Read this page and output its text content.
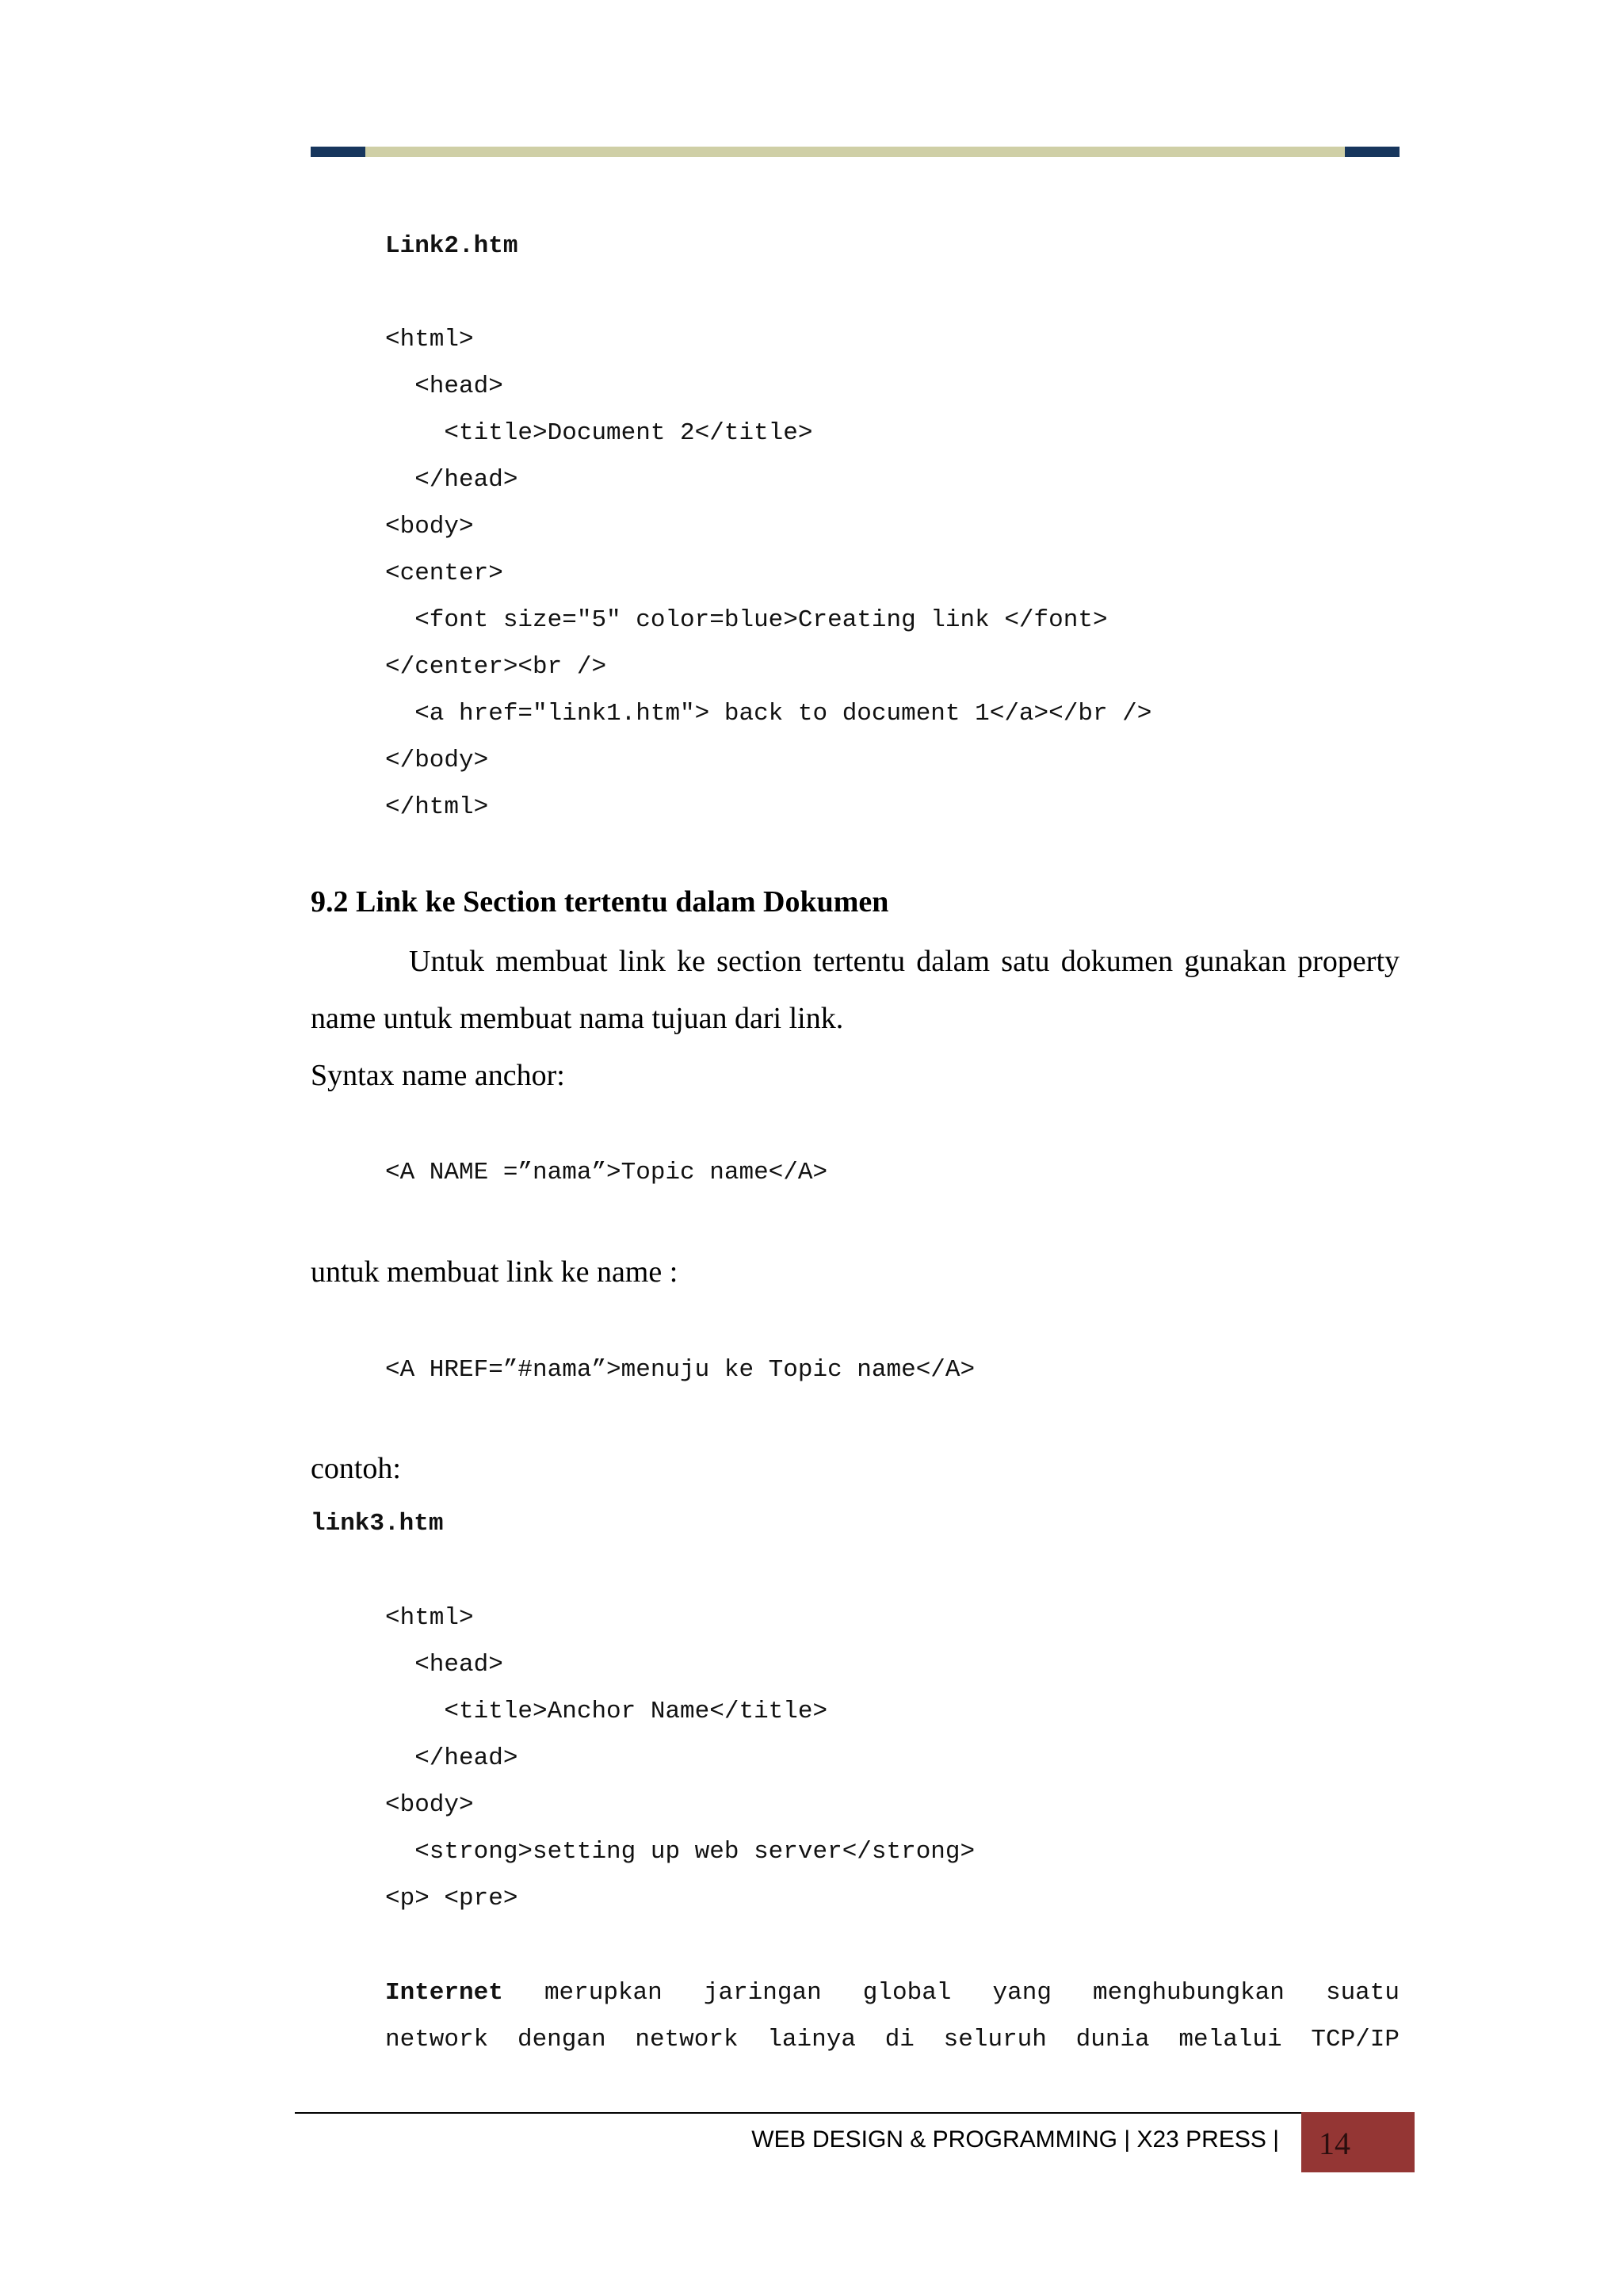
Link2.htm
<html>
<head>
<title>Document 2</title>
</head>
<body>
<center>
<font size="5" color=blue>Creating link </font>
</center><br />
<a href="link1.htm"> back to document 1</a></br />
</body>
</html>
9.2 Link ke Section tertentu dalam Dokumen
Untuk membuat link ke section tertentu dalam satu dokumen gunakan property name untuk membuat nama tujuan dari link.
Syntax name anchor:
<A NAME =”nama”>Topic name</A>
untuk membuat link ke name :
<A HREF=”#nama”>menuju ke Topic name</A>
contoh:
link3.htm
<html>
<head>
<title>Anchor Name</title>
</head>
<body>
<strong>setting up web server</strong>
<p> <pre>
Internet merupkan jaringan global yang menghubungkan suatu
network dengan network lainya di seluruh dunia melalui TCP/IP
WEB DESIGN & PROGRAMMING | X23 PRESS | 14
